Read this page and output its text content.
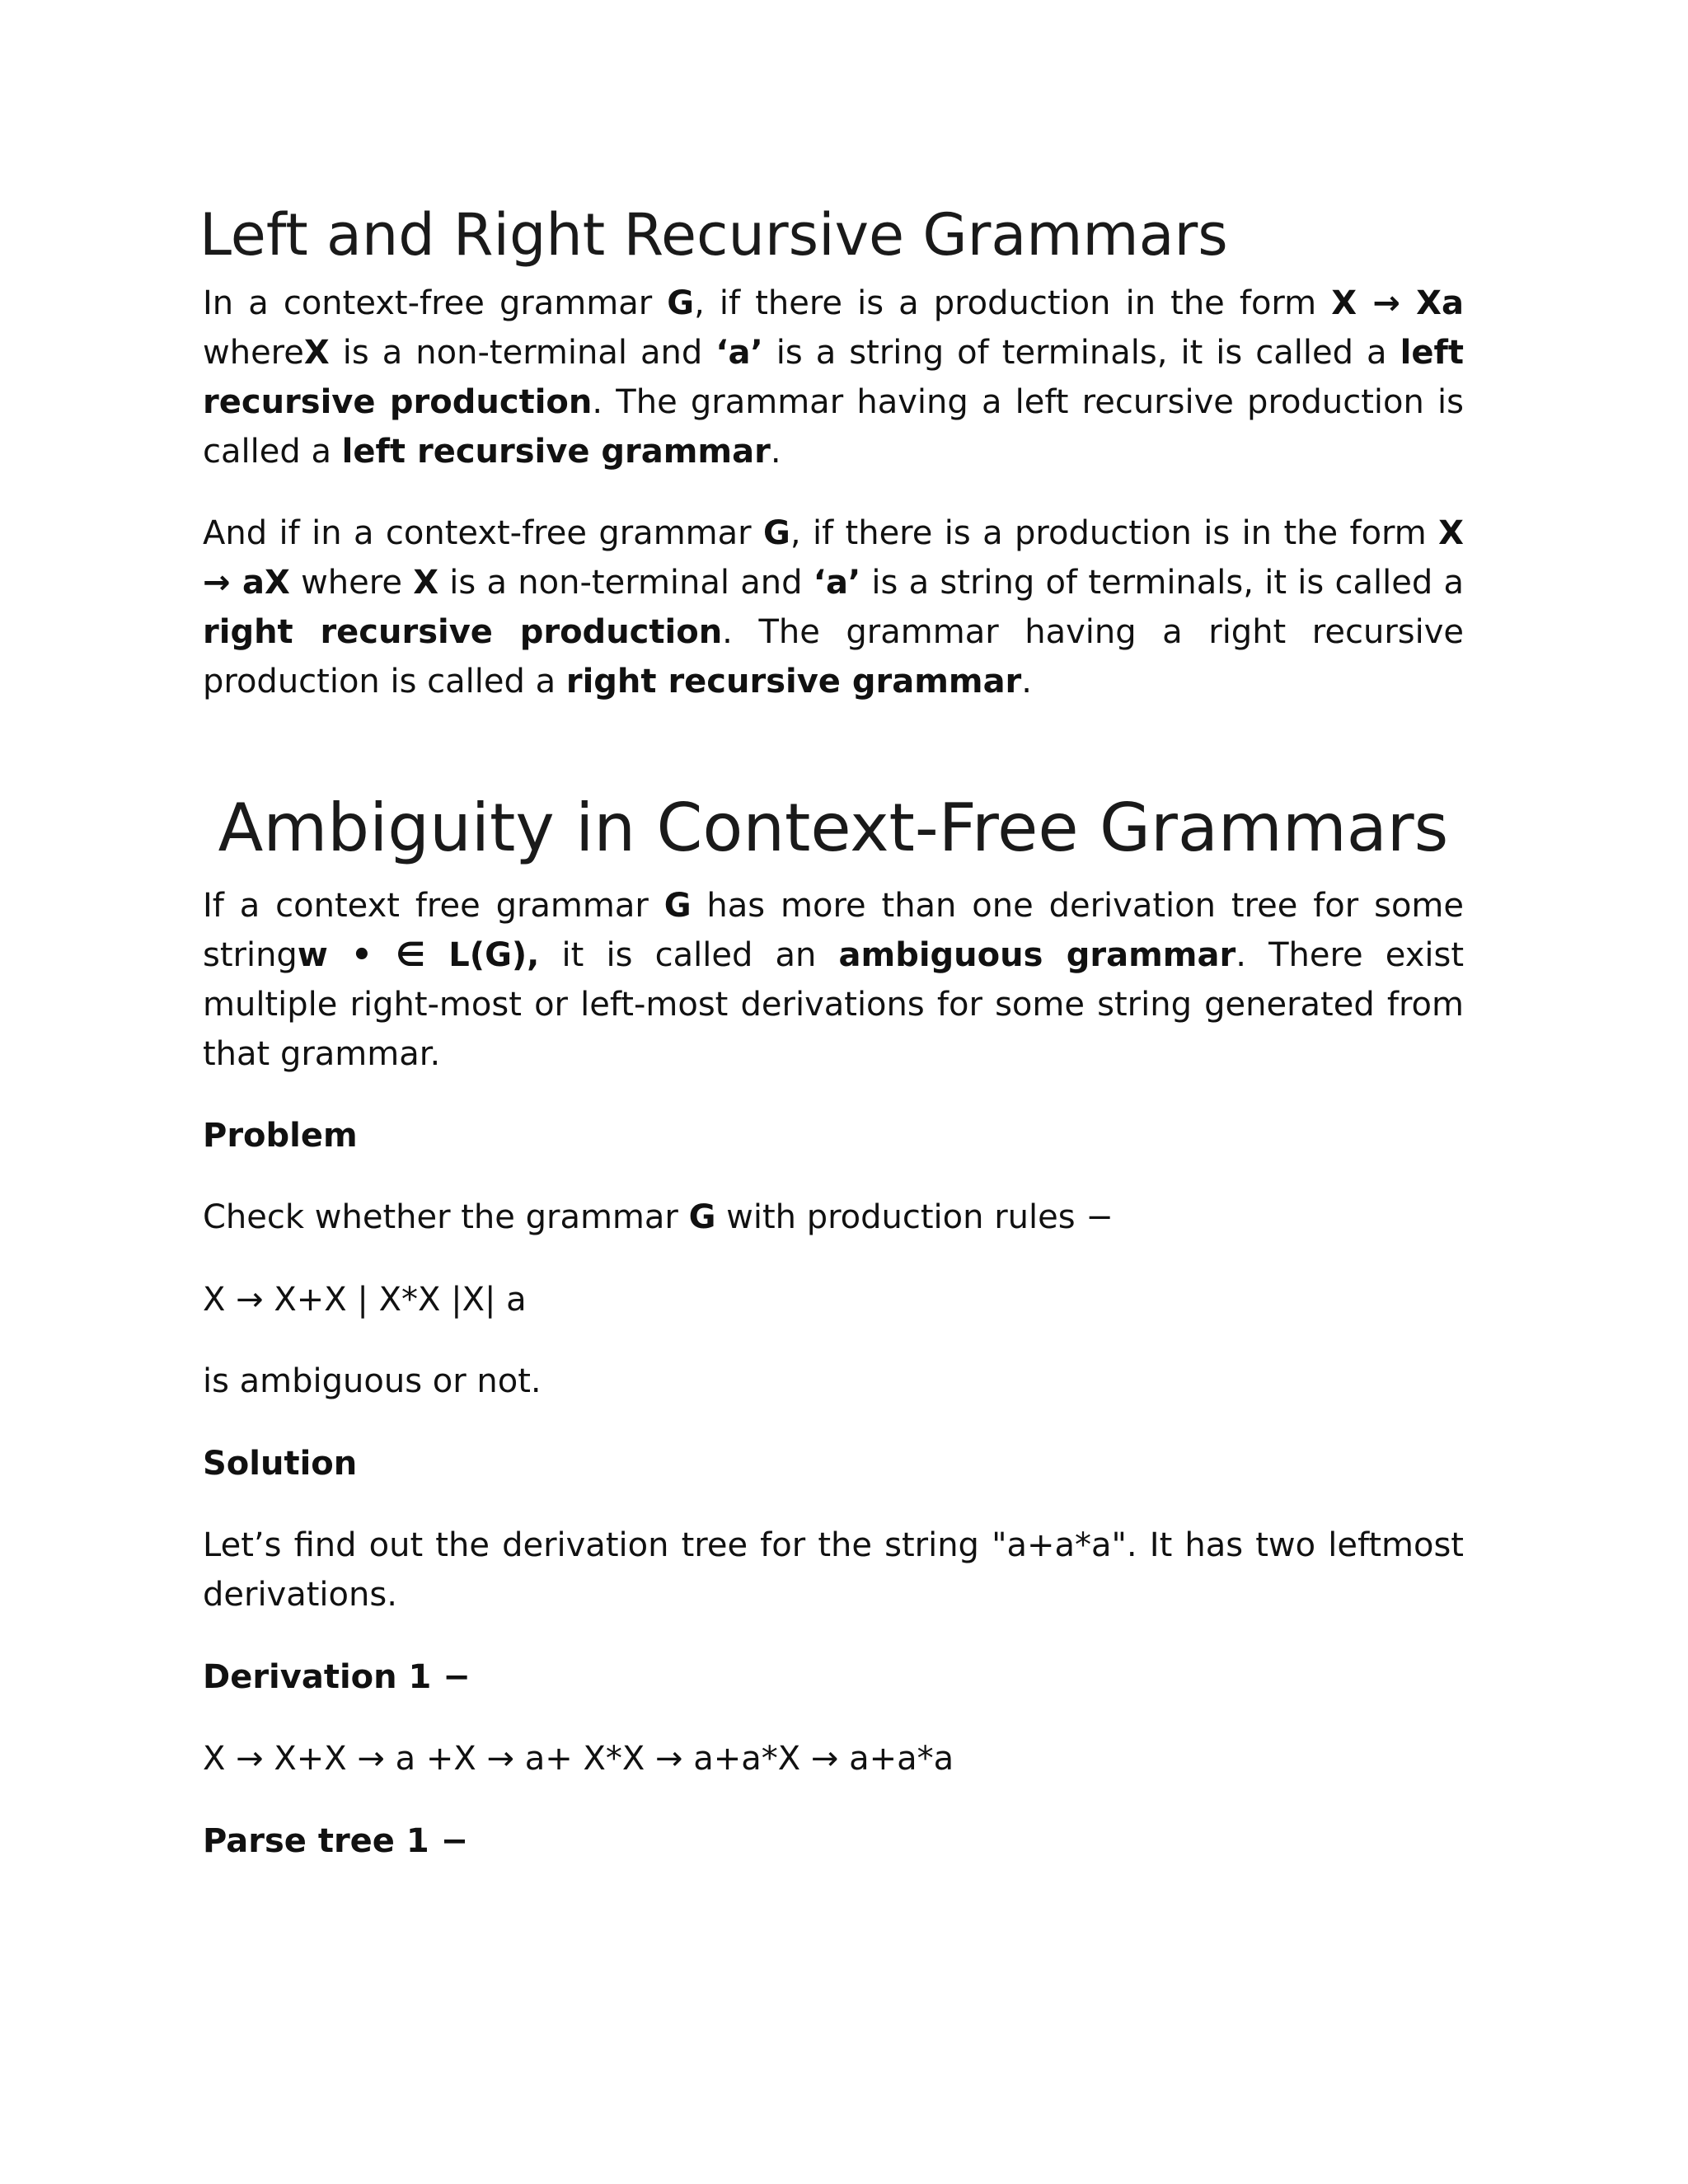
Left and Right Recursive Grammars

In a context-free grammar G, if there is a production in the form X → Xa whereX is a non-terminal and ‘a’ is a string of terminals, it is called a left recursive production. The grammar having a left recursive production is called a left recursive grammar.

And if in a context-free grammar G, if there is a production is in the form X → aX where X is a non-terminal and ‘a’ is a string of terminals, it is called a right recursive production. The grammar having a right recursive production is called a right recursive grammar.

Ambiguity in Context-Free Grammars

If a context free grammar G has more than one derivation tree for some stringw • ∈ L(G), it is called an ambiguous grammar. There exist multiple right-most or left-most derivations for some string generated from that grammar.

Problem

Check whether the grammar G with production rules −

X → X+X | X*X |X| a

is ambiguous or not.

Solution

Let’s find out the derivation tree for the string "a+a*a". It has two leftmost derivations.

Derivation 1 −

X → X+X → a +X → a+ X*X → a+a*X → a+a*a

Parse tree 1 −
